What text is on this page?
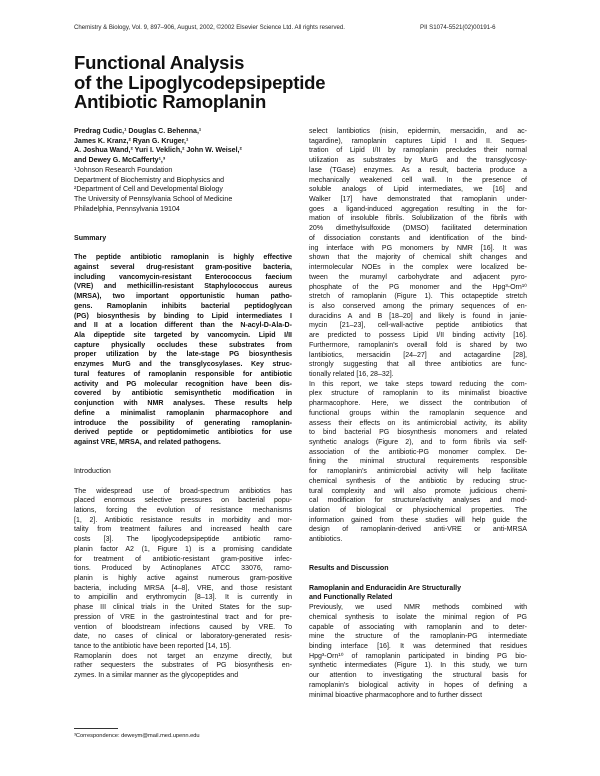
Chemistry & Biology, Vol. 9, 897–906, August, 2002, ©2002 Elsevier Science Ltd. All rights reserved.	PII S1074-5521(02)00191-6
Functional Analysis
of the Lipoglycodepsipeptide
Antibiotic Ramoplanin
Predrag Cudic,¹ Douglas C. Behenna,¹
James K. Kranz,² Ryan G. Kruger,¹
A. Joshua Wand,² Yuri I. Veklich,² John W. Weisel,²
and Dewey G. McCafferty¹,³
¹Johnson Research Foundation
Department of Biochemistry and Biophysics and
²Department of Cell and Developmental Biology
The University of Pennsylvania School of Medicine
Philadelphia, Pennsylvania 19104
Summary
The peptide antibiotic ramoplanin is highly effective
against several drug-resistant gram-positive bacteria,
including vancomycin-resistant Enterococcus faecium
(VRE) and methicillin-resistant Staphylococcus aureus
(MRSA), two important opportunistic human patho-
gens. Ramoplanin inhibits bacterial peptidoglycan
(PG) biosynthesis by binding to Lipid intermediates I
and II at a location different than the N-acyl-D-Ala-D-
Ala dipeptide site targeted by vancomycin. Lipid I/II
capture physically occludes these substrates from
proper utilization by the late-stage PG biosynthesis
enzymes MurG and the transglycosylases. Key struc-
tural features of ramoplanin responsible for antibiotic
activity and PG molecular recognition have been dis-
covered by antibiotic semisynthetic modification in
conjunction with NMR analyses. These results help
define a minimalist ramoplanin pharmacophore and
introduce the possibility of generating ramoplanin-
derived peptide or peptidomimetic antibiotics for use
against VRE, MRSA, and related pathogens.
Introduction
The widespread use of broad-spectrum antibiotics has
placed enormous selective pressures on bacterial popu-
lations, forcing the evolution of resistance mechanisms
[1, 2]. Antibiotic resistance results in morbidity and mor-
tality from treatment failures and increased health care
costs [3]. The lipoglycodepsipeptide antibiotic ramo-
planin factor A2 (1, Figure 1) is a promising candidate
for treatment of antibiotic-resistant gram-positive infec-
tions. Produced by Actinoplanes ATCC 33076, ramo-
planin is highly active against numerous gram-positive
bacteria, including MRSA [4–8], VRE, and those resistant
to ampicillin and erythromycin [8–13]. It is currently in
phase III clinical trials in the United States for the sup-
pression of VRE in the gastrointestinal tract and for pre-
vention of bloodstream infections caused by VRE. To
date, no cases of clinical or laboratory-generated resis-
tance to the antibiotic have been reported [14, 15].
Ramoplanin does not target an enzyme directly, but
rather sequesters the substrates of PG biosynthesis en-
zymes. In a similar manner as the glycopeptides and
select lantibiotics (nisin, epidermin, mersacidin, and ac-
tagardine), ramoplanin captures Lipid I and II. Seques-
tration of Lipid I/II by ramoplanin precludes their normal
utilization as substrates by MurG and the transglycosy-
lase (TGase) enzymes. As a result, bacteria produce a
mechanically weakened cell wall. In the presence of
soluble analogs of Lipid intermediates, we [16] and
Walker [17] have demonstrated that ramoplanin under-
goes a ligand-induced aggregation resulting in the for-
mation of insoluble fibrils. Solubilization of the fibrils with
20% dimethylsulfoxide (DMSO) facilitated determination
of dissociation constants and identification of the bind-
ing interface with PG monomers by NMR [16]. It was
shown that the majority of chemical shift changes and
intermolecular NOEs in the complex were localized be-
tween the muramyl carbohydrate and adjacent pyro-
phosphate of the PG monomer and the Hpg³-Orn¹⁰
stretch of ramoplanin (Figure 1). This octapeptide stretch
is also conserved among the primary sequences of en-
duracidins A and B [18–20] and likely is found in janie-
mycin [21–23], cell-wall-active peptide antibiotics that
are predicted to possess Lipid I/II binding activity [16].
Furthermore, ramoplanin's overall fold is shared by two
lantibiotics, mersacidin [24–27] and actagardine [28],
strongly suggesting that all three antibiotics are func-
tionally related [16, 28–32].
In this report, we take steps toward reducing the com-
plex structure of ramoplanin to its minimalist bioactive
pharmacophore. Here, we dissect the contribution of
functional groups within the ramoplanin sequence and
assess their effects on its antimicrobial activity, its ability
to bind bacterial PG biosynthesis monomers and related
synthetic analogs (Figure 2), and to form fibrils via self-
association of the antibiotic-PG monomer complex. De-
fining the minimal structural requirements responsible
for ramoplanin's antimicrobial activity will help facilitate
chemical synthesis of the antibiotic by reducing struc-
tural complexity and will also promote judicious chemi-
cal modification for structure/activity analyses and mod-
ulation of biological or physiochemical properties. The
information gained from these studies will help guide the
design of ramoplanin-derived anti-VRE or anti-MRSA
antibiotics.
Results and Discussion
Ramoplanin and Enduracidin Are Structurally
and Functionally Related
Previously, we used NMR methods combined with
chemical synthesis to isolate the minimal region of PG
capable of associating with ramoplanin and to deter-
mine the structure of the ramoplanin-PG intermediate
binding interface [16]. It was determined that residues
Hpg³-Orn¹⁰ of ramoplanin participated in binding PG bio-
synthetic intermediates (Figure 1). In this study, we turn
our attention to investigating the structural basis for
ramoplanin's biological activity in hopes of defining a
minimal bioactive pharmacophore and to further dissect
³Correspondence: deweym@mail.med.upenn.edu
